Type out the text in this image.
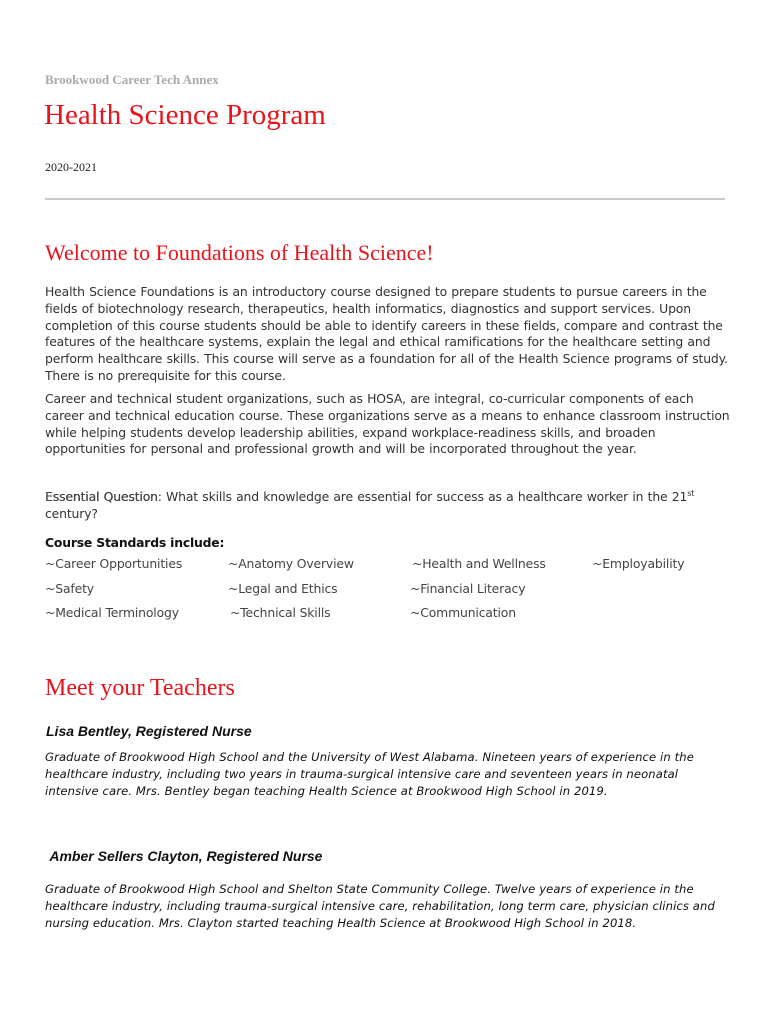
Brookwood Career Tech Annex

Health Science Program

2020-2021

Welcome to Foundations of Health Science!

Health Science Foundations is an introductory course designed to prepare students to pursue careers in the fields of biotechnology research, therapeutics, health informatics, diagnostics and support services. Upon completion of this course students should be able to identify careers in these fields, compare and contrast the features of the healthcare systems, explain the legal and ethical ramifications for the healthcare setting and perform healthcare skills. This course will serve as a foundation for all of the Health Science programs of study. There is no prerequisite for this course.

Career and technical student organizations, such as HOSA, are integral, co-curricular components of each career and technical education course. These organizations serve as a means to enhance classroom instruction while helping students develop leadership abilities, expand workplace-readiness skills, and broaden opportunities for personal and professional growth and will be incorporated throughout the year.

Essential Question: What skills and knowledge are essential for success as a healthcare worker in the 21st
century?

Course Standards include:

~Career Opportunities	~Anatomy Overview	~Health and Wellness	~Employability
~Safety	~Legal and Ethics	~Financial Literacy
~Medical Terminology	~Technical Skills	~Communication
Meet your Teachers

Lisa Bentley, Registered Nurse

Graduate of Brookwood High School and the University of West Alabama. Nineteen years of experience in the healthcare industry, including two years in trauma-surgical intensive care and seventeen years in neonatal intensive care. Mrs. Bentley began teaching Health Science at Brookwood High School in 2019.

Amber Sellers Clayton, Registered Nurse

Graduate of Brookwood High School and Shelton State Community College. Twelve years of experience in the healthcare industry, including trauma-surgical intensive care, rehabilitation, long term care, physician clinics and nursing education. Mrs. Clayton started teaching Health Science at Brookwood High School in 2018.
